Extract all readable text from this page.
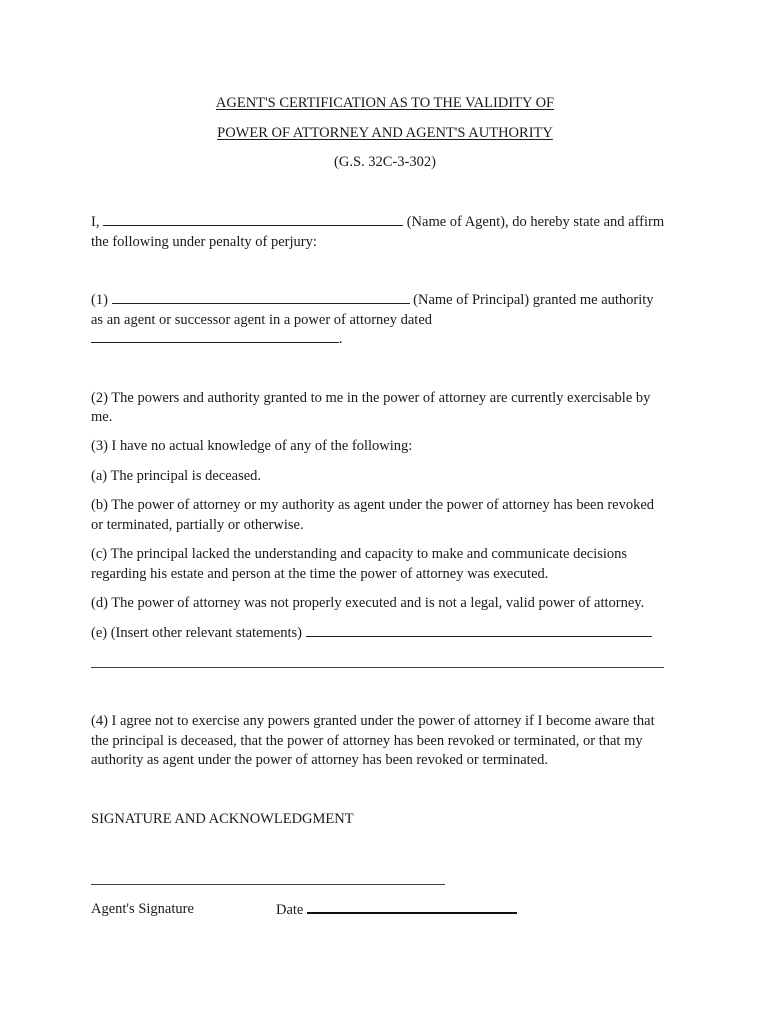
AGENT'S CERTIFICATION AS TO THE VALIDITY OF
POWER OF ATTORNEY AND AGENT'S AUTHORITY
(G.S. 32C-3-302)
I,	(Name of Agent), do hereby state and affirm
the following under penalty of perjury:
(1)	(Name of Principal) granted me authority
as an agent or successor agent in a power of attorney dated
.
(2) The powers and authority granted to me in the power of attorney are currently exercisable by
me.
(3) I have no actual knowledge of any of the following:
(a) The principal is deceased.
(b) The power of attorney or my authority as agent under the power of attorney has been revoked
or terminated, partially or otherwise.
(c) The principal lacked the understanding and capacity to make and communicate decisions
regarding his estate and person at the time the power of attorney was executed.
(d) The power of attorney was not properly executed and is not a legal, valid power of attorney.
(e) (Insert other relevant statements)
(4) I agree not to exercise any powers granted under the power of attorney if I become aware that
the principal is deceased, that the power of attorney has been revoked or terminated, or that my
authority as agent under the power of attorney has been revoked or terminated.
SIGNATURE AND ACKNOWLEDGMENT
Agent's Signature	Date
